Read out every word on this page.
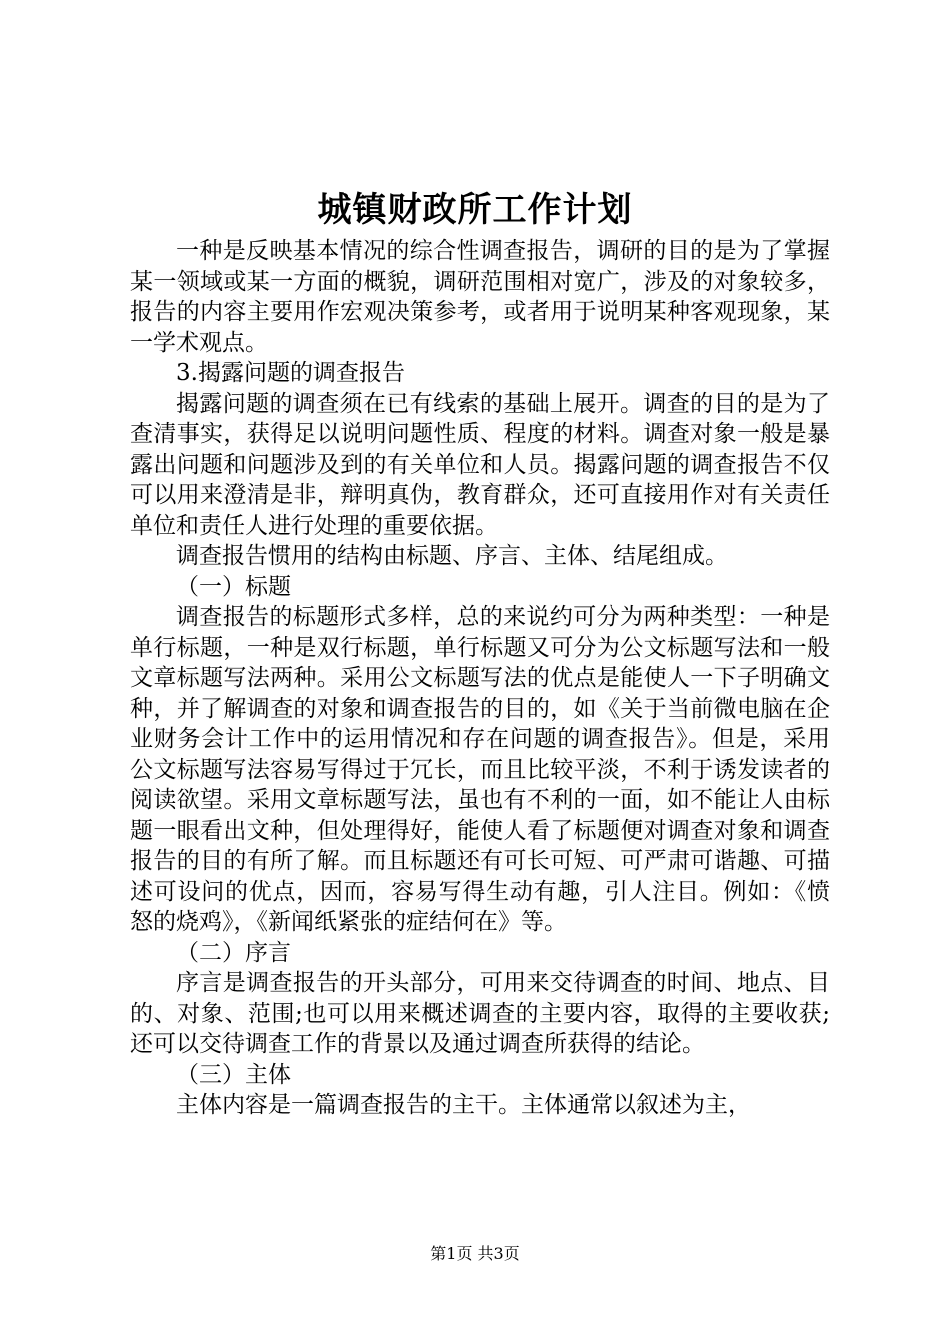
城镇财政所工作计划

一种是反映基本情况的综合性调查报告，调研的目的是为了掌握某一领域或某一方面的概貌，调研范围相对宽广，涉及的对象较多，报告的内容主要用作宏观决策参考，或者用于说明某种客观现象，某一学术观点。

3.揭露问题的调查报告

揭露问题的调查须在已有线索的基础上展开。调查的目的是为了查清事实，获得足以说明问题性质、程度的材料。调查对象一般是暴露出问题和问题涉及到的有关单位和人员。揭露问题的调查报告不仅可以用来澄清是非，辩明真伪，教育群众，还可直接用作对有关责任单位和责任人进行处理的重要依据。

调查报告惯用的结构由标题、序言、主体、结尾组成。

（一）标题

调查报告的标题形式多样，总的来说约可分为两种类型：一种是单行标题，一种是双行标题，单行标题又可分为公文标题写法和一般文章标题写法两种。采用公文标题写法的优点是能使人一下子明确文种，并了解调查的对象和调查报告的目的，如《关于当前微电脑在企业财务会计工作中的运用情况和存在问题的调查报告》。但是，采用公文标题写法容易写得过于冗长，而且比较平淡，不利于诱发读者的阅读欲望。采用文章标题写法，虽也有不利的一面，如不能让人由标题一眼看出文种，但处理得好，能使人看了标题便对调查对象和调查报告的目的有所了解。而且标题还有可长可短、可严肃可谐趣、可描述可设问的优点，因而，容易写得生动有趣，引人注目。例如：《愤怒的烧鸡》，《新闻纸紧张的症结何在》等。

（二）序言

序言是调查报告的开头部分，可用来交待调查的时间、地点、目的、对象、范围;也可以用来概述调查的主要内容，取得的主要收获;还可以交待调查工作的背景以及通过调查所获得的结论。

（三）主体

主体内容是一篇调查报告的主干。主体通常以叙述为主，

第1页 共3页
